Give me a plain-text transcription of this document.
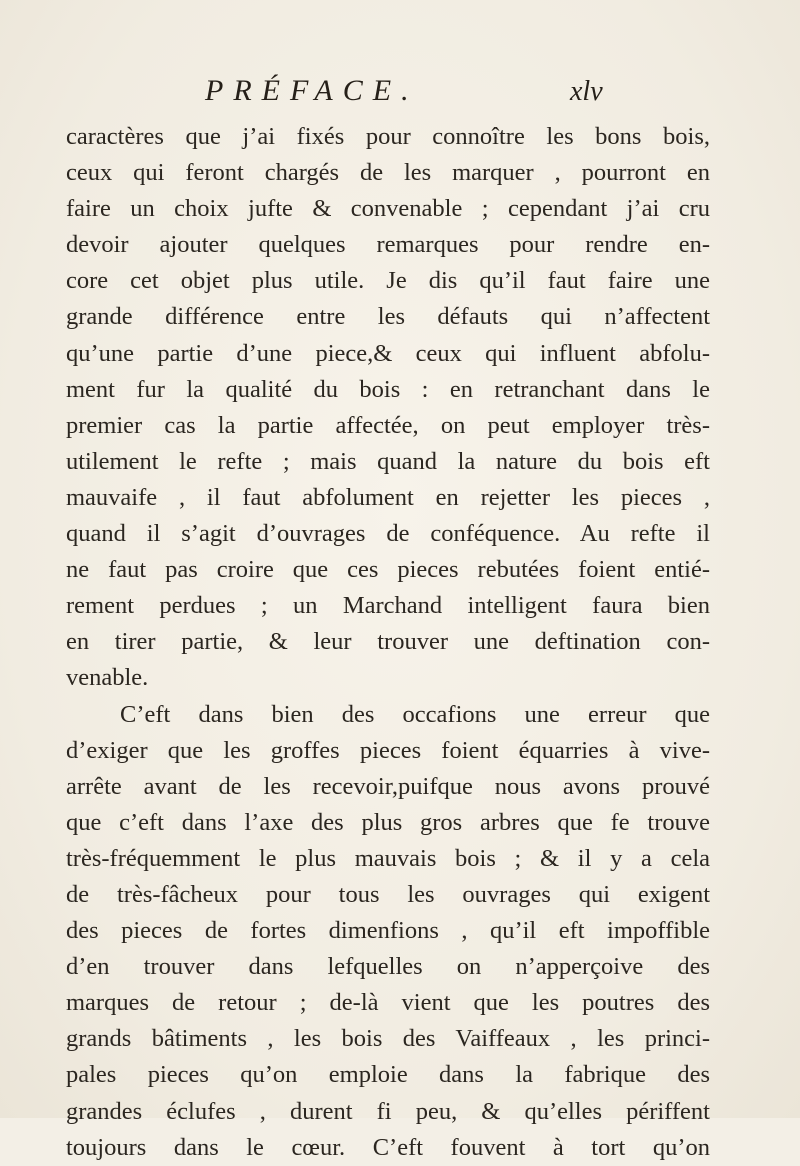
PRÉFACE.	xlv
caractères que j’ai fixés pour connoître les bons bois,
ceux qui feront chargés de les marquer , pourront en
faire un choix jufte & convenable ; cependant j’ai cru
devoir ajouter quelques remarques pour rendre en-
core cet objet plus utile. Je dis qu’il faut faire une
grande différence entre les défauts qui n’affectent
qu’une partie d’une piece,& ceux qui influent abfolu-
ment fur la qualité du bois : en retranchant dans le
premier cas la partie affectée, on peut employer très-
utilement le refte ; mais quand la nature du bois eft
mauvaife , il faut abfolument en rejetter les pieces ,
quand il s’agit d’ouvrages de conféquence. Au refte il
ne faut pas croire que ces pieces rebutées foient entié-
rement perdues ; un Marchand intelligent faura bien
en tirer partie, & leur trouver une deftination con-
venable.
C’eft dans bien des occafions une erreur que
d’exiger que les groffes pieces foient équarries à vive-
arrête avant de les recevoir,puifque nous avons prouvé
que c’eft dans l’axe des plus gros arbres que fe trouve
très-fréquemment le plus mauvais bois ; & il y a cela
de très-fâcheux pour tous les ouvrages qui exigent
des pieces de fortes dimenfions , qu’il eft impoffible
d’en trouver dans lefquelles on n’apperçoive des
marques de retour ; de-là vient que les poutres des
grands bâtiments , les bois des Vaiffeaux , les princi-
pales pieces qu’on emploie dans la fabrique des
grandes éclufes , durent fi peu, & qu’elles périffent
toujours dans le cœur. C’eft fouvent à tort qu’on
